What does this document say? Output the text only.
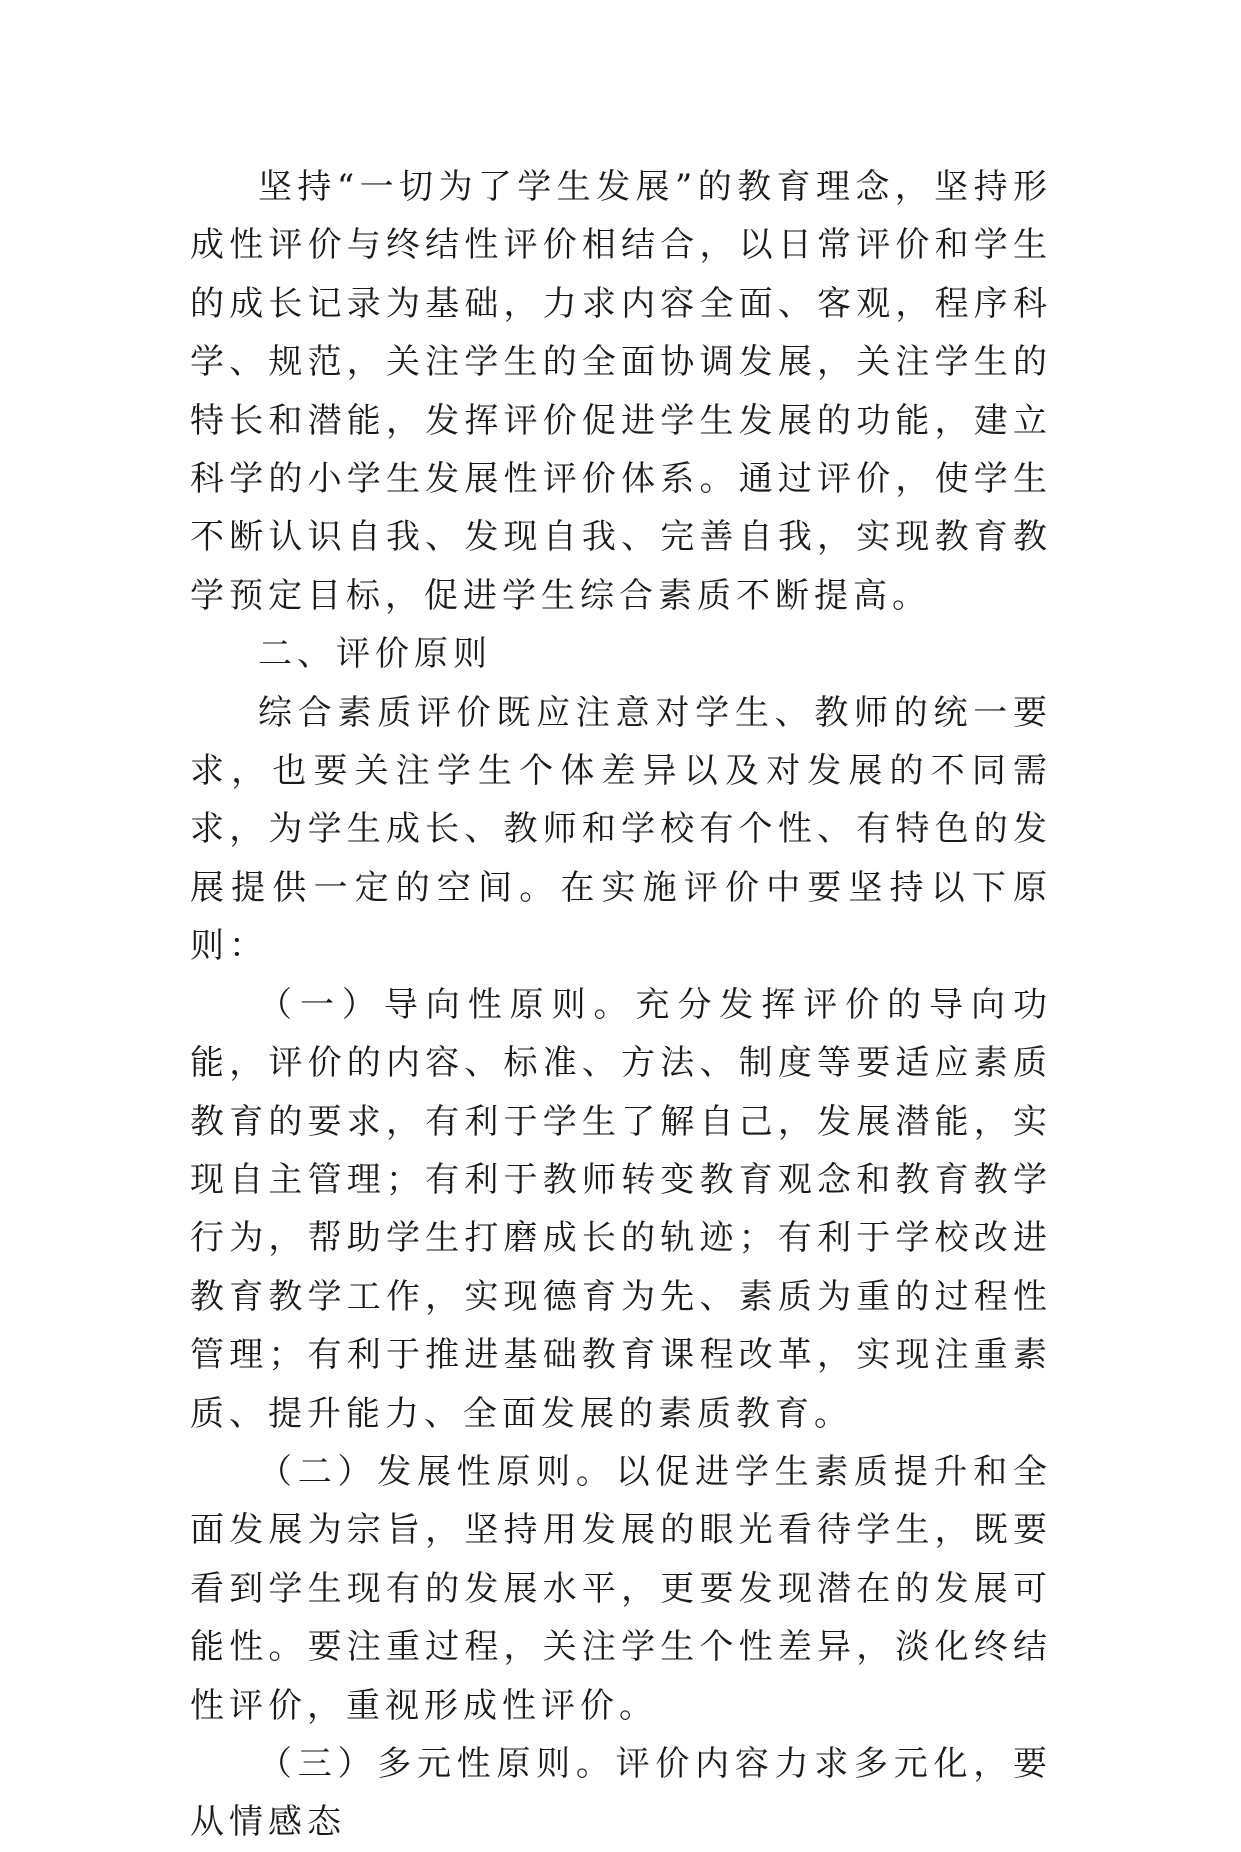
坚持“一切为了学生发展”的教育理念，坚持形成性评价与终结性评价相结合，以日常评价和学生的成长记录为基础，力求内容全面、客观，程序科学、规范，关注学生的全面协调发展，关注学生的特长和潜能，发挥评价促进学生发展的功能，建立科学的小学生发展性评价体系。通过评价，使学生不断认识自我、发现自我、完善自我，实现教育教学预定目标，促进学生综合素质不断提高。

二、评价原则

综合素质评价既应注意对学生、教师的统一要求，也要关注学生个体差异以及对发展的不同需求，为学生成长、教师和学校有个性、有特色的发展提供一定的空间。在实施评价中要坚持以下原则：

（一）导向性原则。充分发挥评价的导向功能，评价的内容、标准、方法、制度等要适应素质教育的要求，有利于学生了解自己，发展潜能，实现自主管理；有利于教师转变教育观念和教育教学行为，帮助学生打磨成长的轨迹；有利于学校改进教育教学工作，实现德育为先、素质为重的过程性管理；有利于推进基础教育课程改革，实现注重素质、提升能力、全面发展的素质教育。

（二）发展性原则。以促进学生素质提升和全面发展为宗旨，坚持用发展的眼光看待学生，既要看到学生现有的发展水平，更要发现潜在的发展可能性。要注重过程，关注学生个性差异，淡化终结性评价，重视形成性评价。

（三）多元性原则。评价内容力求多元化，要从情感态
